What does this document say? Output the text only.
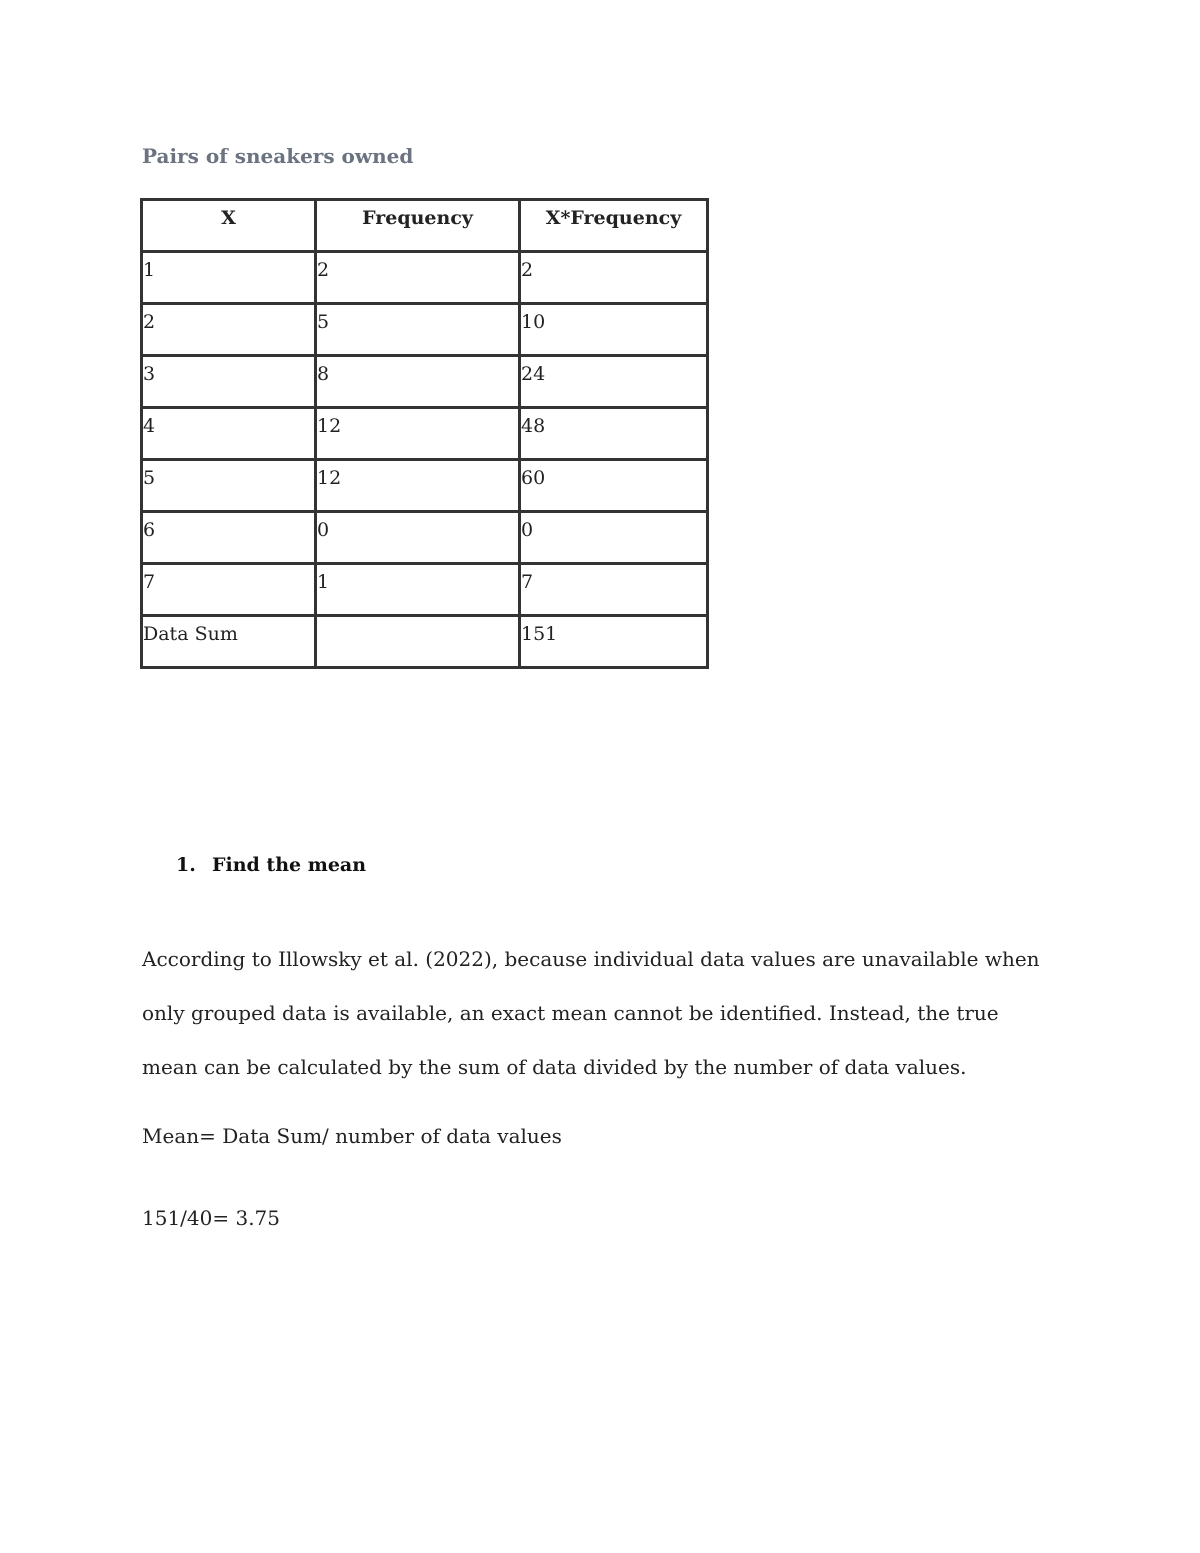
Pairs of sneakers owned

X	Frequency	X*Frequency
1	2	2
2	5	10
3	8	24
4	12	48
5	12	60
6	0	0
7	1	7
Data Sum		151

1. Find the mean

According to Illowsky et al. (2022), because individual data values are unavailable when only grouped data is available, an exact mean cannot be identified. Instead, the true mean can be calculated by the sum of data divided by the number of data values.

Mean= Data Sum/ number of data values

151/40= 3.75
